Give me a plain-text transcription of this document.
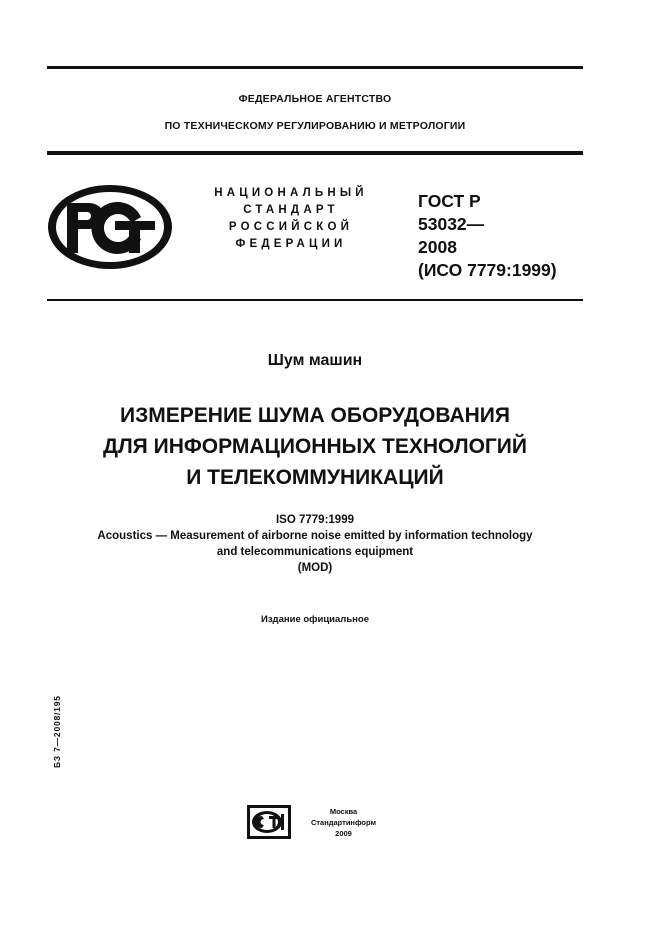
ФЕДЕРАЛЬНОЕ АГЕНТСТВО
ПО ТЕХНИЧЕСКОМУ РЕГУЛИРОВАНИЮ И МЕТРОЛОГИИ
НАЦИОНАЛЬНЫЙ
СТАНДАРТ
РОССИЙСКОЙ
ФЕДЕРАЦИИ
ГОСТ Р
53032—
2008
(ИСО 7779:1999)
Шум машин
ИЗМЕРЕНИЕ ШУМА ОБОРУДОВАНИЯ
ДЛЯ ИНФОРМАЦИОННЫХ ТЕХНОЛОГИЙ
И ТЕЛЕКОММУНИКАЦИЙ
ISO 7779:1999
Acoustics — Measurement of airborne noise emitted by information technology
and telecommunications equipment
(MOD)
Издание официальное
БЗ 7—2008/195
Москва
Стандартинформ
2009
